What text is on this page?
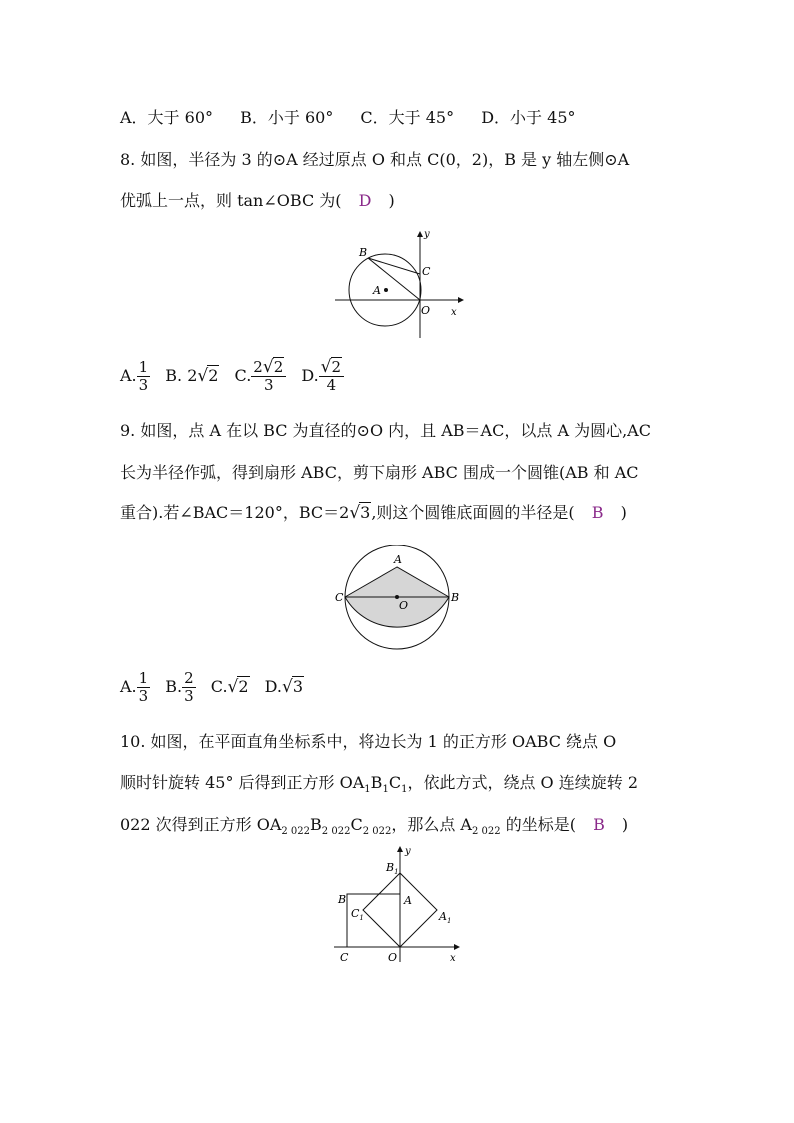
A．大于 60° B．小于 60° C．大于 45° D．小于 45°
8. 如图，半径为 3 的⊙A 经过原点 O 和点 C(0，2)，B 是 y 轴左侧⊙A
优弧上一点，则 tan∠OBC 为( D )
B
C
A
O x
y
A. $\frac{1}{3} B$. 2√2 C. $\frac{2√2}{3} D$. $\frac{√2}{4}$
9. 如图，点 A 在以 BC 为直径的⊙O 内，且 AB＝AC，以点 A 为圆心,AC
长为半径作弧，得到扇形 ABC，剪下扇形 ABC 围成一个圆锥(AB 和 AC
重合).若∠BAC＝120°，BC＝2√3,则这个圆锥底面圆的半径是( B )
A
C
O
B
A. $\frac{1}{3} B$. $\frac{2}{3} C.√2$ D.√3
10. 如图，在平面直角坐标系中，将边长为 1 的正方形 OABC 绕点 O
顺时针旋转 45° 后得到正方形 $OA_1B_1C_1$，依此方式，绕点 O 连续旋转 2
022 次得到正方形 $OA_{2 022}B_{2 022}C_{2 022}$，那么点 $A_{2 022}$ 的坐标是( B )
$B_1$
B
$C_1$
A
$A_1$
C	O	x
y
